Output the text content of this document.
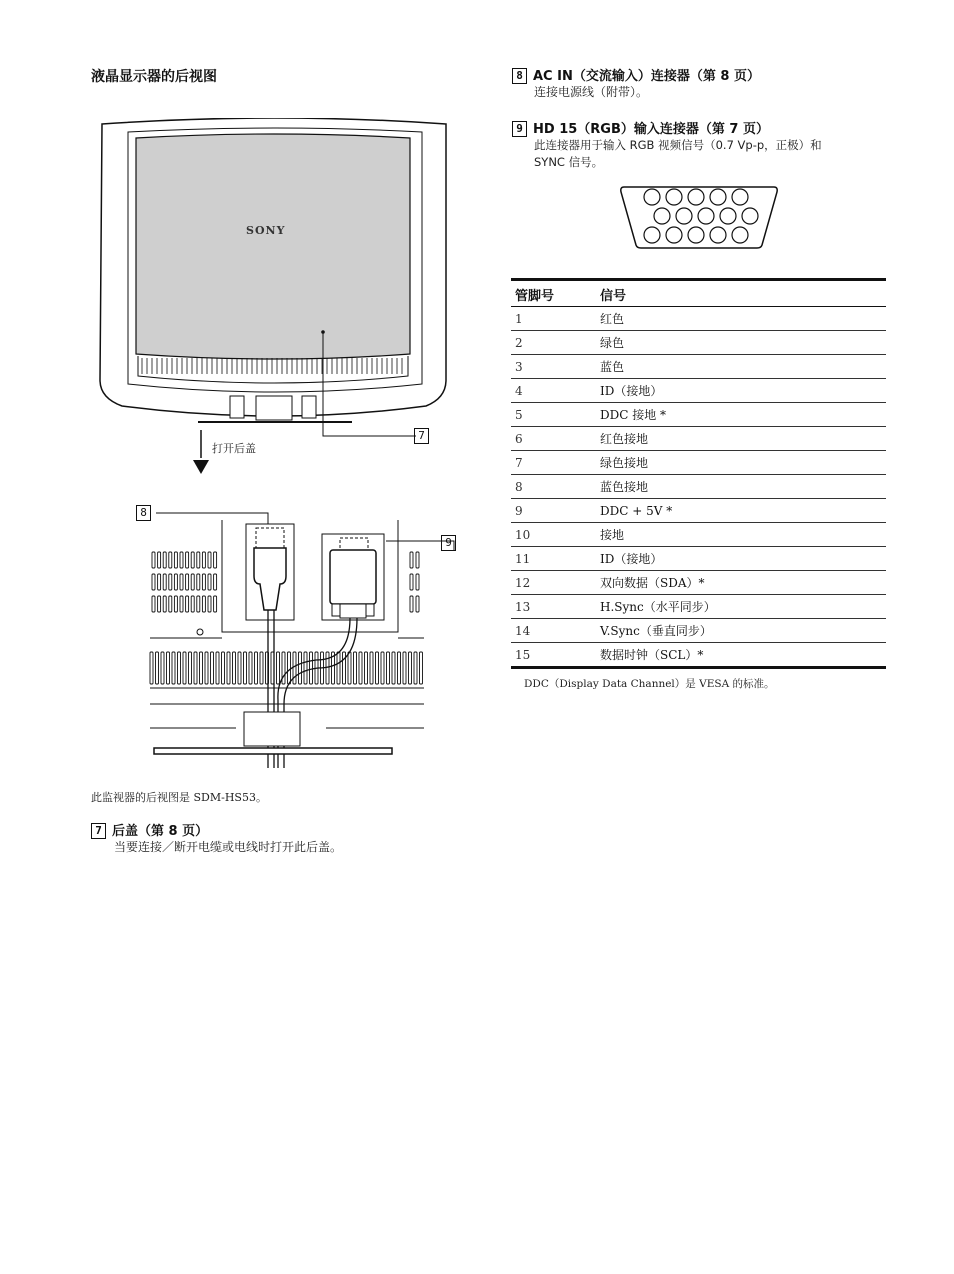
液晶显示器的后视图
SONY
打开后盖
7
8
9
此监视器的后视图是 SDM-HS53。
7 后盖（第 8 页）
当要连接／断开电缆或电线时打开此后盖。
8 AC IN（交流输入）连接器（第 8 页）
连接电源线（附带）。
9 HD 15（RGB）输入连接器（第 7 页）
此连接器用于输入 RGB 视频信号（0.7 Vp-p，正极）和
SYNC 信号。
管脚号	信号
1	红色
2	绿色
3	蓝色
4	ID（接地）
5	DDC 接地 *
6	红色接地
7	绿色接地
8	蓝色接地
9	DDC + 5V *
10	接地
11	ID（接地）
12	双向数据（SDA）*
13	H.Sync（水平同步）
14	V.Sync（垂直同步）
15	数据时钟（SCL）*
DDC（Display Data Channel）是 VESA 的标准。
